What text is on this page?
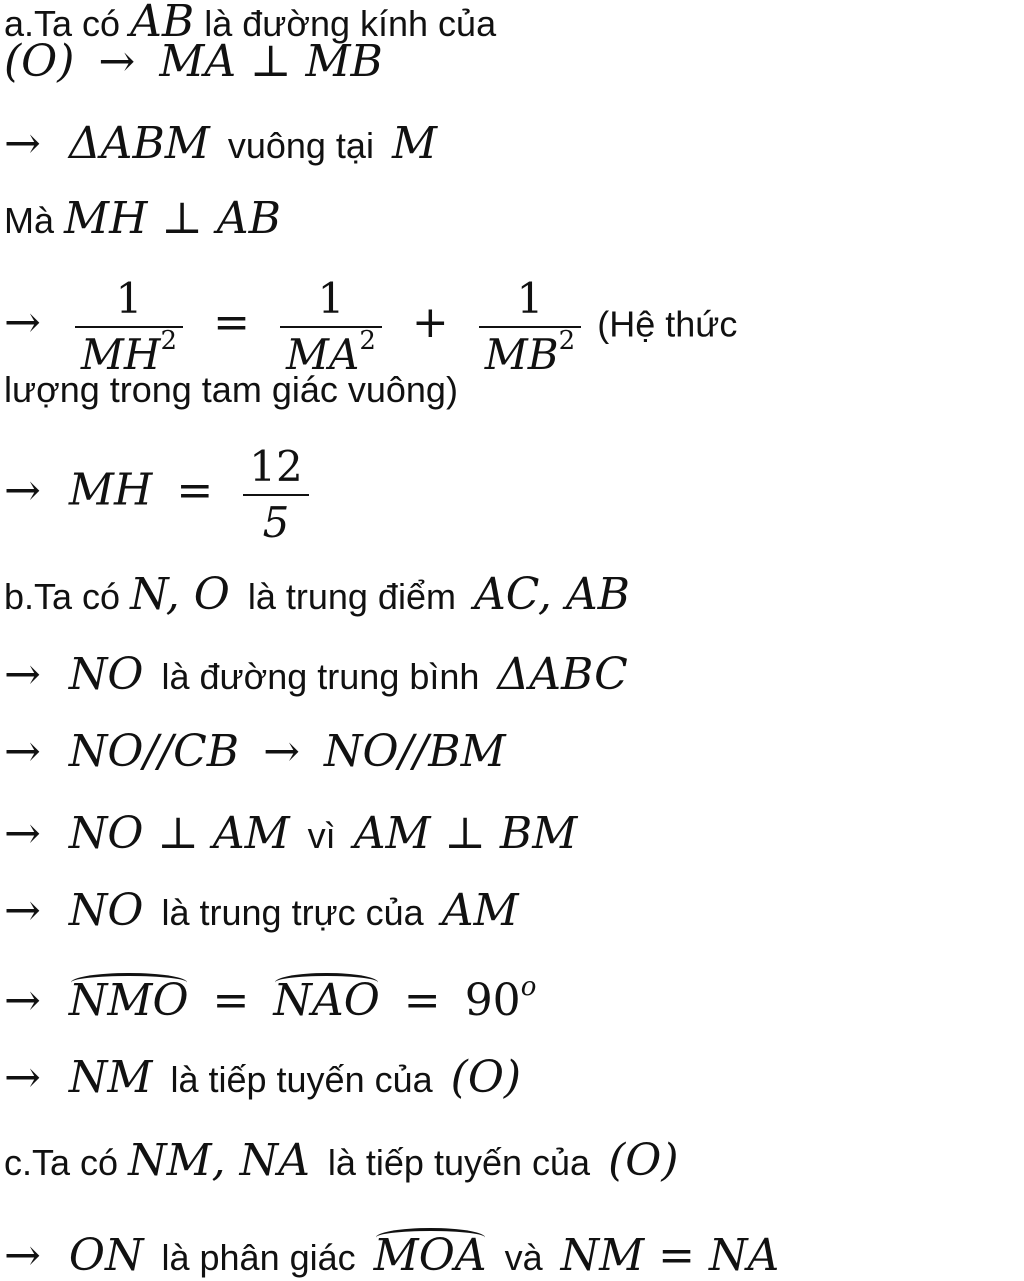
a.Ta có AB là đường kính của
(O) → MA ⊥ MB
→ ΔABM vuông tại M
Mà MH ⊥ AB
→ $\frac{1}{MH^2} = \frac{1}{MA^2} + \frac{1}{MB^2}$ (Hệ thức
lượng trong tam giác vuông)
→ MH = $\frac{12}{5}$
b.Ta có N, O là trung điểm AC, AB
→ NO là đường trung bình ΔABC
→ NO//CB → NO//BM
→ NO ⊥ AM vì AM ⊥ BM
→ NO là trung trực của AM
→ NMO = NAO = $90^o$
→ NM là tiếp tuyến của (O)
c.Ta có NM, NA là tiếp tuyến của (O)
→ ON là phân giác MOA và NM = NA
